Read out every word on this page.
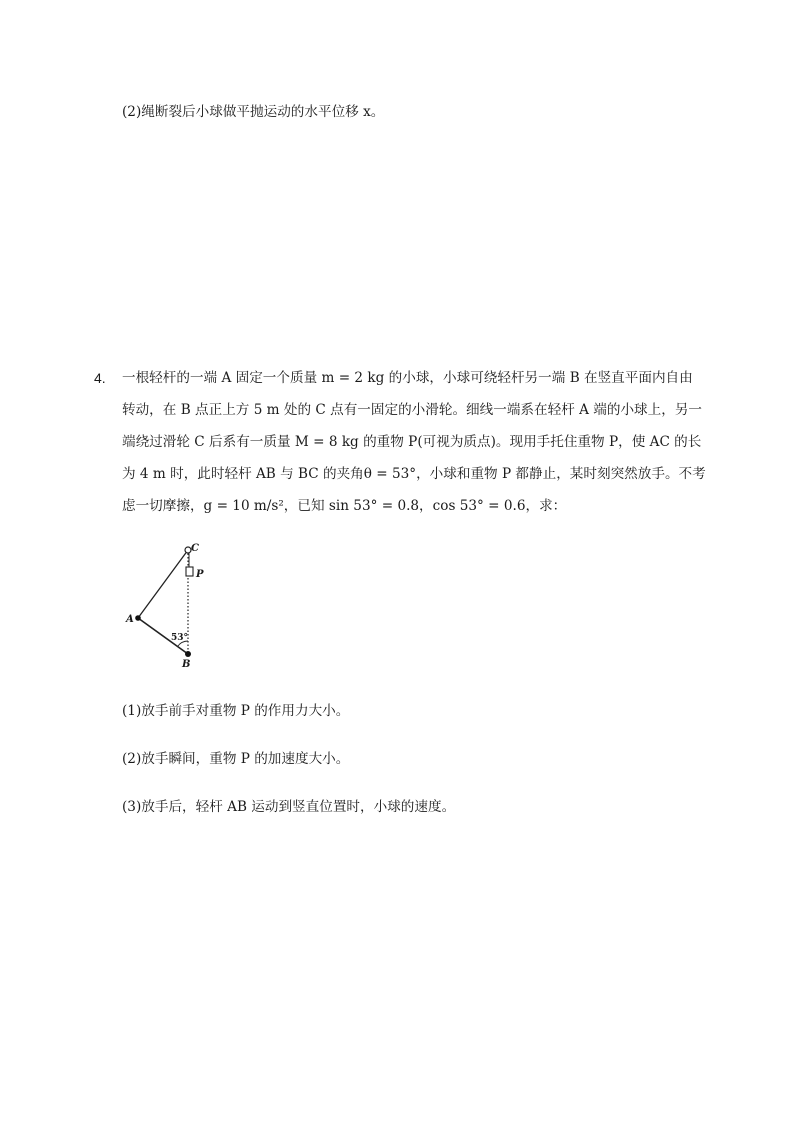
(2)绳断裂后小球做平抛运动的水平位移 x。
4. 一根轻杆的一端 A 固定一个质量 m = 2 kg 的小球，小球可绕轻杆另一端 B 在竖直平面内自由
转动，在 B 点正上方 5 m 处的 C 点有一固定的小滑轮。细线一端系在轻杆 A 端的小球上，另一
端绕过滑轮 C 后系有一质量 M = 8 kg 的重物 P(可视为质点)。现用手托住重物 P，使 AC 的长
为 4 m 时，此时轻杆 AB 与 BC 的夹角θ = 53°，小球和重物 P 都静止，某时刻突然放手。不考
虑一切摩擦，g = 10 m/s²，已知 sin 53° = 0.8，cos 53° = 0.6，求：
C
P
A
B
53°
(1)放手前手对重物 P 的作用力大小。
(2)放手瞬间，重物 P 的加速度大小。
(3)放手后，轻杆 AB 运动到竖直位置时，小球的速度。
